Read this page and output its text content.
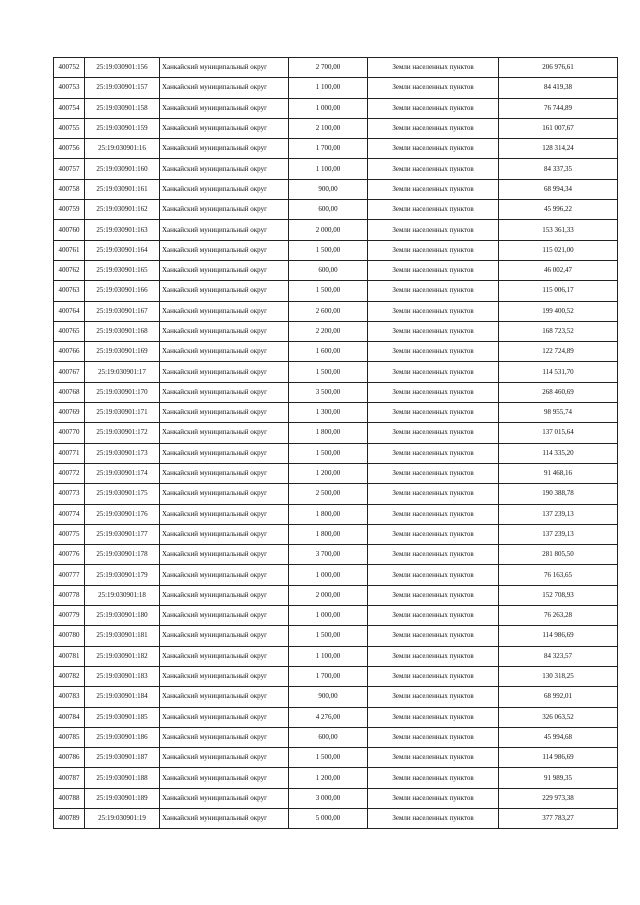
400752	25:19:030901:156	Ханкайский муниципальный округ	2 700,00	Земли населенных пунктов	206 976,61
400753	25:19:030901:157	Ханкайский муниципальный округ	1 100,00	Земли населенных пунктов	84 419,38
400754	25:19:030901:158	Ханкайский муниципальный округ	1 000,00	Земли населенных пунктов	76 744,89
400755	25:19:030901:159	Ханкайский муниципальный округ	2 100,00	Земли населенных пунктов	161 007,67
400756	25:19:030901:16	Ханкайский муниципальный округ	1 700,00	Земли населенных пунктов	128 314,24
400757	25:19:030901:160	Ханкайский муниципальный округ	1 100,00	Земли населенных пунктов	84 337,35
400758	25:19:030901:161	Ханкайский муниципальный округ	900,00	Земли населенных пунктов	68 994,34
400759	25:19:030901:162	Ханкайский муниципальный округ	600,00	Земли населенных пунктов	45 996,22
400760	25:19:030901:163	Ханкайский муниципальный округ	2 000,00	Земли населенных пунктов	153 361,33
400761	25:19:030901:164	Ханкайский муниципальный округ	1 500,00	Земли населенных пунктов	115 021,00
400762	25:19:030901:165	Ханкайский муниципальный округ	600,00	Земли населенных пунктов	46 002,47
400763	25:19:030901:166	Ханкайский муниципальный округ	1 500,00	Земли населенных пунктов	115 006,17
400764	25:19:030901:167	Ханкайский муниципальный округ	2 600,00	Земли населенных пунктов	199 400,52
400765	25:19:030901:168	Ханкайский муниципальный округ	2 200,00	Земли населенных пунктов	168 723,52
400766	25:19:030901:169	Ханкайский муниципальный округ	1 600,00	Земли населенных пунктов	122 724,89
400767	25:19:030901:17	Ханкайский муниципальный округ	1 500,00	Земли населенных пунктов	114 531,70
400768	25:19:030901:170	Ханкайский муниципальный округ	3 500,00	Земли населенных пунктов	268 460,69
400769	25:19:030901:171	Ханкайский муниципальный округ	1 300,00	Земли населенных пунктов	98 955,74
400770	25:19:030901:172	Ханкайский муниципальный округ	1 800,00	Земли населенных пунктов	137 015,64
400771	25:19:030901:173	Ханкайский муниципальный округ	1 500,00	Земли населенных пунктов	114 335,20
400772	25:19:030901:174	Ханкайский муниципальный округ	1 200,00	Земли населенных пунктов	91 468,16
400773	25:19:030901:175	Ханкайский муниципальный округ	2 500,00	Земли населенных пунктов	190 388,78
400774	25:19:030901:176	Ханкайский муниципальный округ	1 800,00	Земли населенных пунктов	137 239,13
400775	25:19:030901:177	Ханкайский муниципальный округ	1 800,00	Земли населенных пунктов	137 239,13
400776	25:19:030901:178	Ханкайский муниципальный округ	3 700,00	Земли населенных пунктов	281 805,50
400777	25:19:030901:179	Ханкайский муниципальный округ	1 000,00	Земли населенных пунктов	76 163,65
400778	25:19:030901:18	Ханкайский муниципальный округ	2 000,00	Земли населенных пунктов	152 708,93
400779	25:19:030901:180	Ханкайский муниципальный округ	1 000,00	Земли населенных пунктов	76 263,28
400780	25:19:030901:181	Ханкайский муниципальный округ	1 500,00	Земли населенных пунктов	114 986,69
400781	25:19:030901:182	Ханкайский муниципальный округ	1 100,00	Земли населенных пунктов	84 323,57
400782	25:19:030901:183	Ханкайский муниципальный округ	1 700,00	Земли населенных пунктов	130 318,25
400783	25:19:030901:184	Ханкайский муниципальный округ	900,00	Земли населенных пунктов	68 992,01
400784	25:19:030901:185	Ханкайский муниципальный округ	4 276,00	Земли населенных пунктов	326 063,52
400785	25:19:030901:186	Ханкайский муниципальный округ	600,00	Земли населенных пунктов	45 994,68
400786	25:19:030901:187	Ханкайский муниципальный округ	1 500,00	Земли населенных пунктов	114 986,69
400787	25:19:030901:188	Ханкайский муниципальный округ	1 200,00	Земли населенных пунктов	91 989,35
400788	25:19:030901:189	Ханкайский муниципальный округ	3 000,00	Земли населенных пунктов	229 973,38
400789	25:19:030901:19	Ханкайский муниципальный округ	5 000,00	Земли населенных пунктов	377 783,27
